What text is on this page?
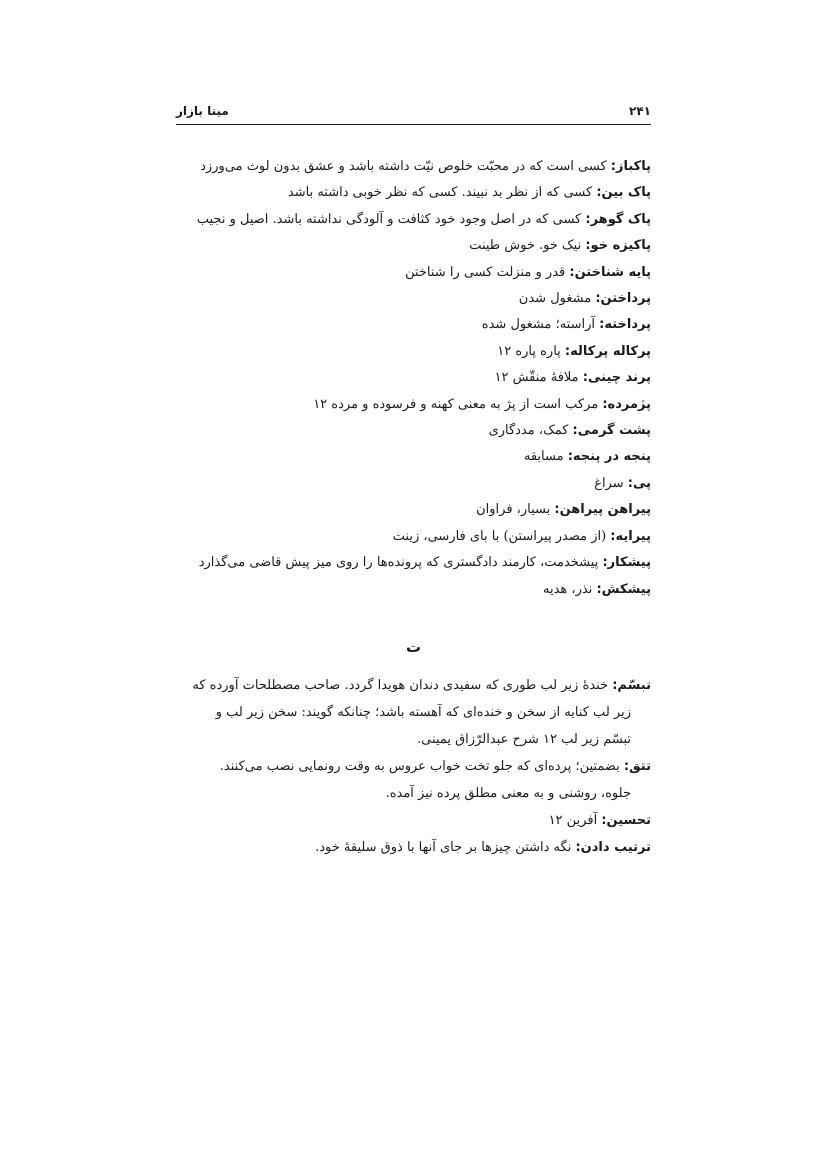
۲۴۱
مینا بازار

پاکباز: کسی است که در محبّت خلوص نیّت داشته باشد و عشق بدون لوث می‌ورزد

پاک بین: کسی که از نظر بد نبیند. کسی که نظر خوبی داشته باشد

پاک گوهر: کسی که در اصل وجود خود کثافت و آلودگی نداشته باشد. اصیل و نجیب

پاکیزه خو: نیک خو. خوش طینت

پایه شناختن: قدر و منزلت کسی را شناختن

پرداختن: مشغول شدن

پرداخته: آراسته؛ مشغول شده

پرکاله پرکاله: پاره پاره ۱۲

پرند چینی: ملافهٔ منقّش ۱۲

پژمرده: مرکب است از پژ به معنی کهنه و فرسوده و مرده ۱۲

پشت گرمی: کمک، مددگاری

پنجه در پنجه: مسابقه

پی: سراغ

پیراهن پیراهن: بسیار، فراوان

پیرایه: (از مصدر پیراستن) با بای فارسی، زینت

پیشکار: پیشخدمت، کارمند دادگستری که پرونده‌ها را روی میز پیش قاضی می‌گذارد

پیشکش: نذر، هدیه

ت

تبسّم: خندهٔ زیر لب طوری که سفیدی دندان هویدا گردد. صاحب مصطلحات آورده که
زیر لب کنایه از سخن و خنده‌ای که آهسته باشد؛ چنانکه گویند: سخن زیر لب و
تبسّم زیر لب ۱۲ شرح عبدالرّزاق یمینی.

تتق: بضمتین؛ پرده‌ای که جلو تخت خواب عروس به وقت رونمایی نصب می‌کنند.
جلوه، روشنی و به معنی مطلق پرده نیز آمده.

تحسین: آفرین ۱۲

ترتیب دادن: نگه داشتن چیزها بر جای آنها با ذوق سلیقهٔ خود.
